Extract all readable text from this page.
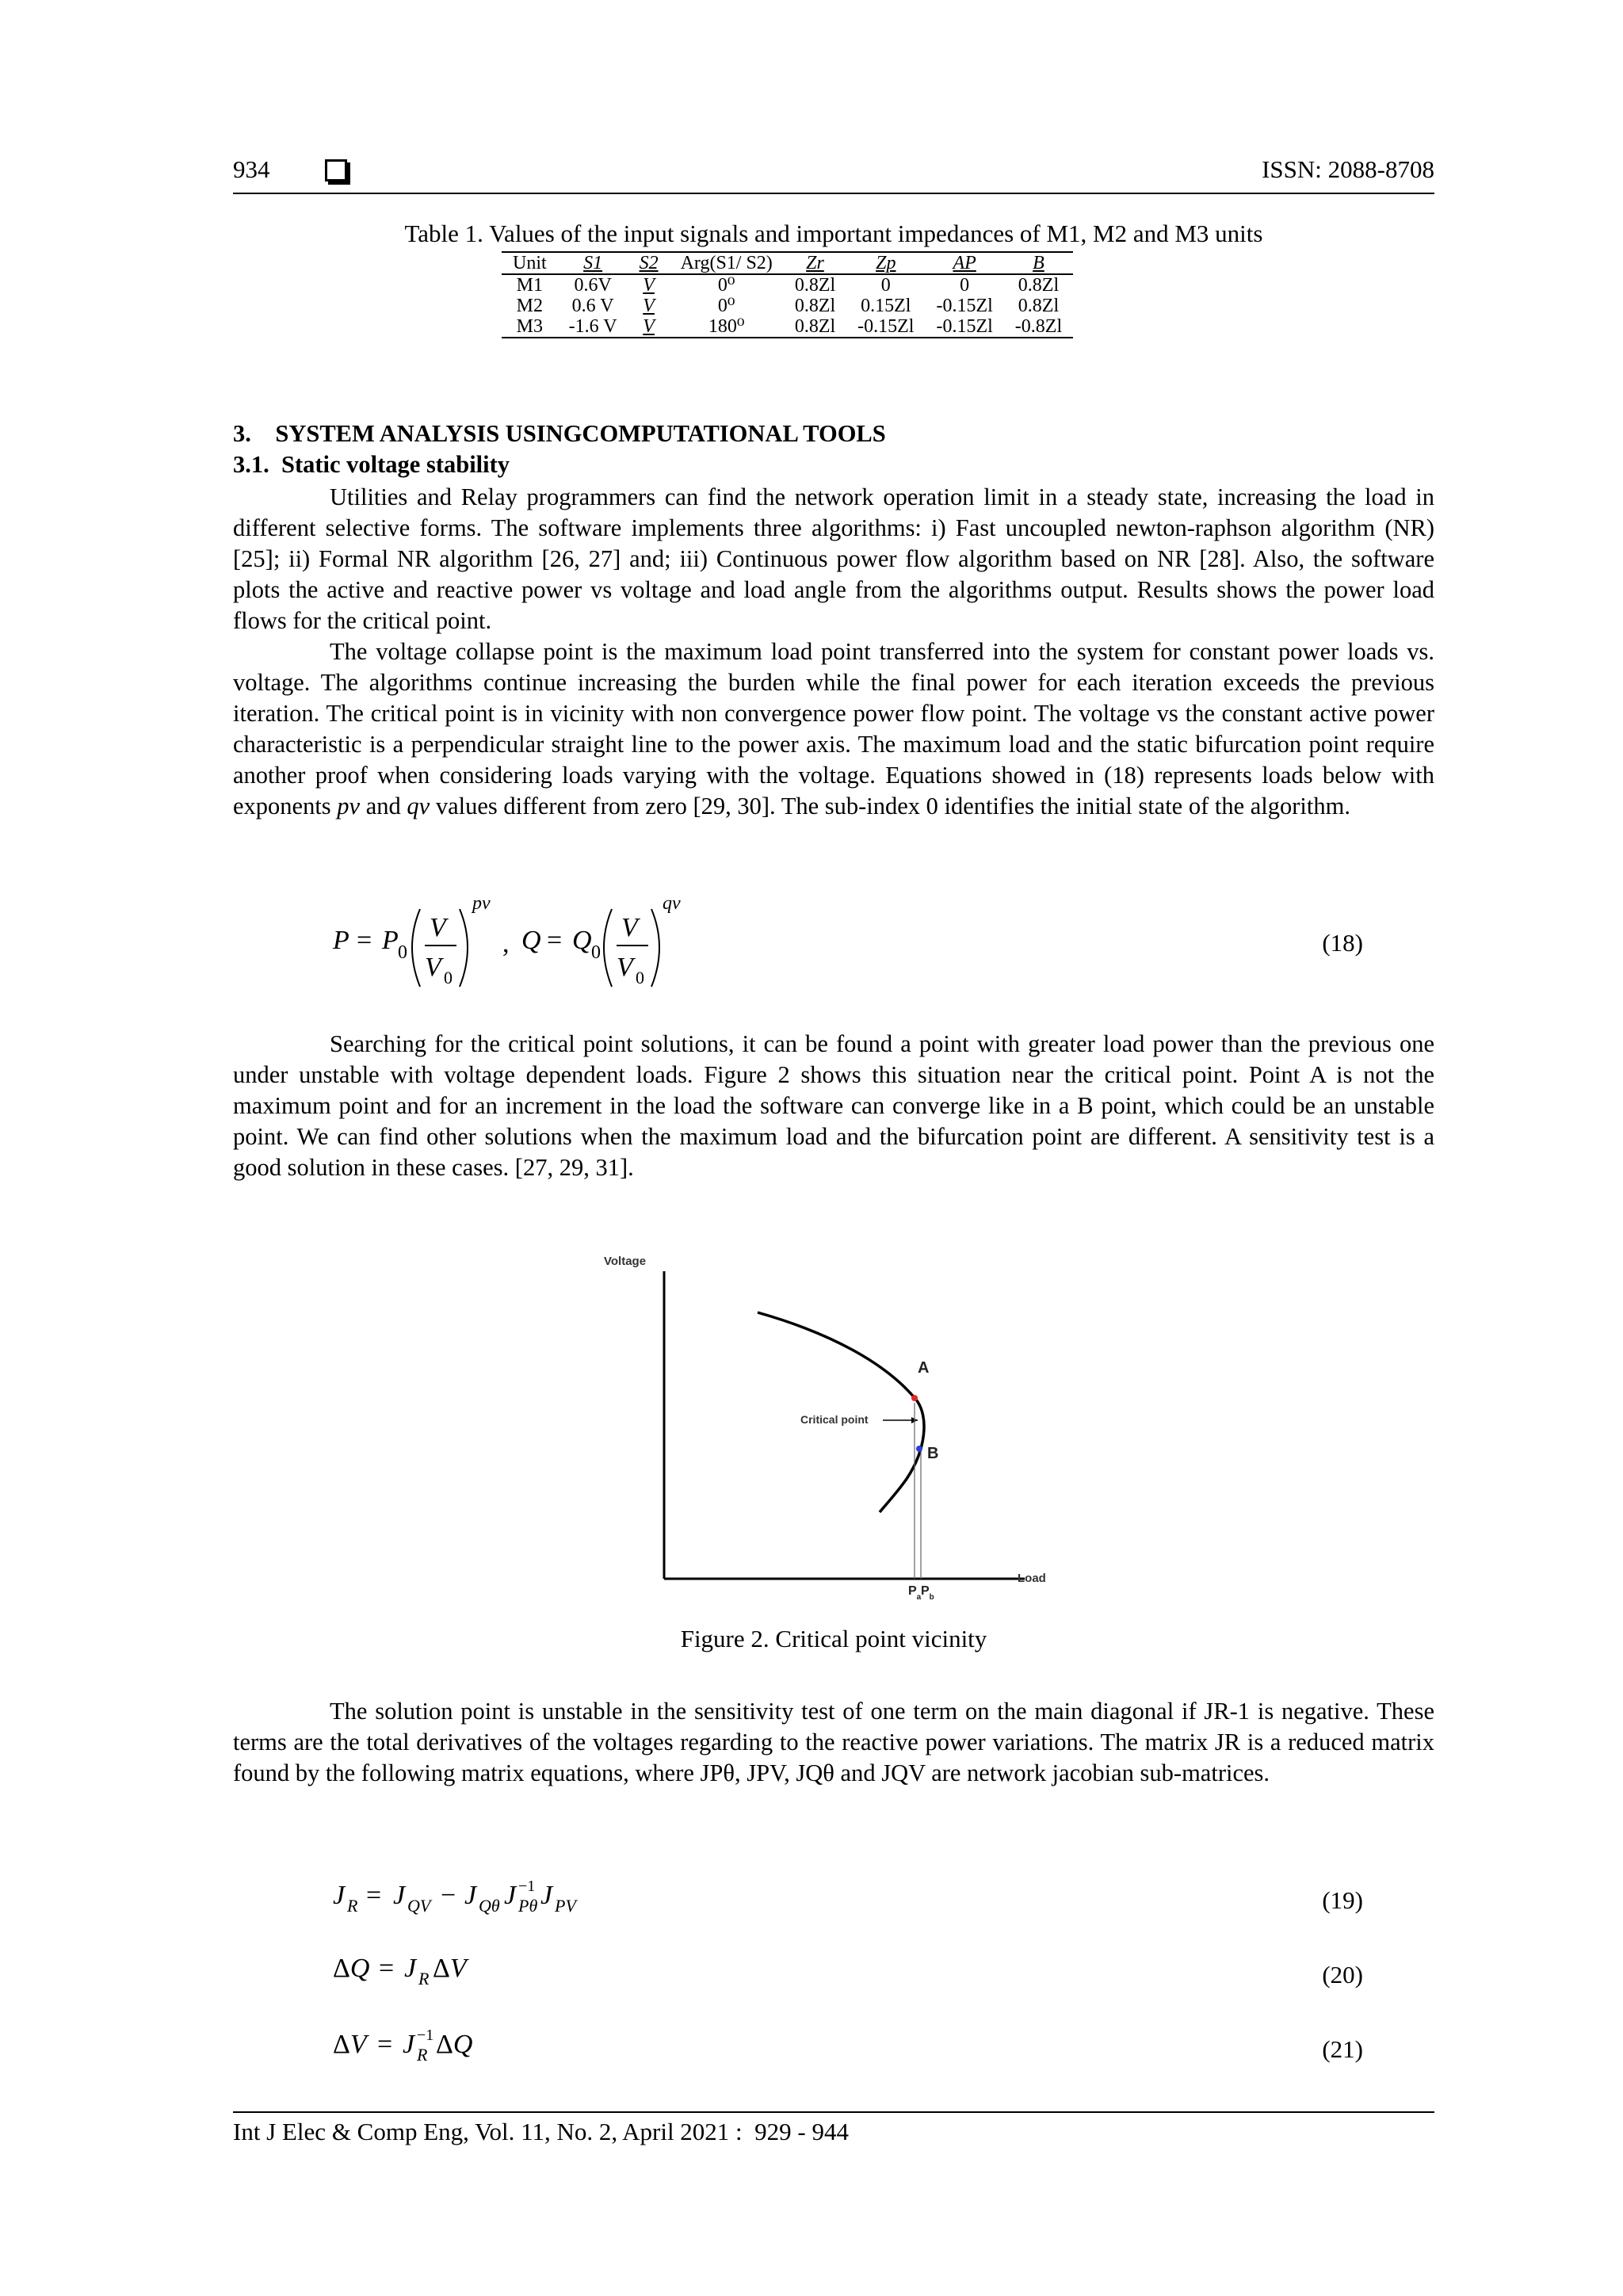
934	ISSN: 2088-8708
Table 1. Values of the input signals and important impedances of M1, M2 and M3 units
Unit	S1	S2	Arg(S1/ S2)	Zr	Zp	AP	B
M1	0.6V	V	0⁰	0.8Zl	0	0	0.8Zl
M2	0.6 V	V	0⁰	0.8Zl	0.15Zl	-0.15Zl	0.8Zl
M3	-1.6 V	V	180⁰	0.8Zl	-0.15Zl	-0.15Zl	-0.8Zl
3.    SYSTEM ANALYSIS USINGCOMPUTATIONAL TOOLS
3.1.  Static voltage stability

Utilities and Relay programmers can find the network operation limit in a steady state, increasing the load in different selective forms. The software implements three algorithms: i) Fast uncoupled newton-raphson algorithm (NR) [25]; ii) Formal NR algorithm [26, 27] and; iii) Continuous power flow algorithm based on NR [28]. Also, the software plots the active and reactive power vs voltage and load angle from the algorithms output. Results shows the power load flows for the critical point.

The voltage collapse point is the maximum load point transferred into the system for constant power loads vs. voltage. The algorithms continue increasing the burden while the final power for each iteration exceeds the previous iteration. The critical point is in vicinity with non convergence power flow point. The voltage vs the constant active power characteristic is a perpendicular straight line to the power axis. The maximum load and the static bifurcation point require another proof when considering loads varying with the voltage. Equations showed in (18) represents loads below with exponents pv and qv values different from zero [29, 30]. The sub-index 0 identifies the initial state of the algorithm.

P = P 0
V
V 0
pv
, Q = Q 0
V
V 0
qv
(18)

Searching for the critical point solutions, it can be found a point with greater load power than the previous one under unstable with voltage dependent loads. Figure 2 shows this situation near the critical point. Point A is not the maximum point and for an increment in the load the software can converge like in a B point, which could be an unstable point. We can find other solutions when the maximum load and the bifurcation point are different. A sensitivity test is a good solution in these cases. [27, 29, 31].

Voltage
Load
A
B
Critical point
$P_a$ $P_b$
Figure 2. Critical point vicinity

The solution point is unstable in the sensitivity test of one term on the main diagonal if JR-1 is negative. These terms are the total derivatives of the voltages regarding to the reactive power variations. The matrix JR is a reduced matrix found by the following matrix equations, where JPθ, JPV, JQθ and JQV are network jacobian sub-matrices.

J R = J QV − J Qθ J −1
Pθ J PV	(19)
ΔQ = J R ΔV	(20)
ΔV = J −1
R ΔQ	(21)
Int J Elec & Comp Eng, Vol. 11, No. 2, April 2021 :  929 - 944
